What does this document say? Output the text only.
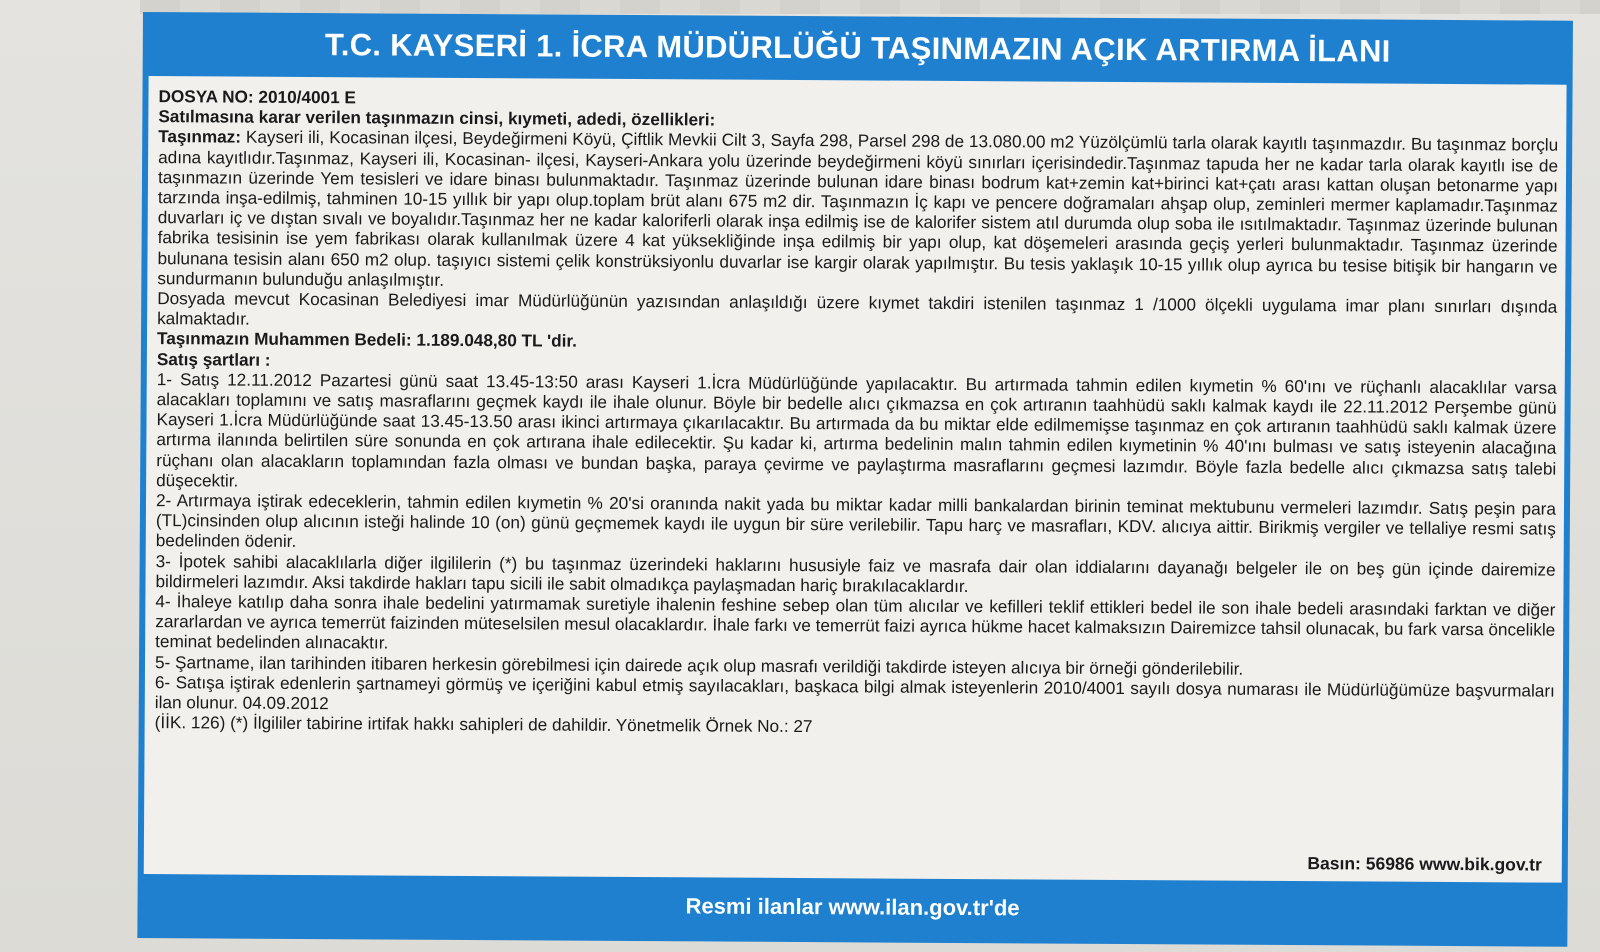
T.C. KAYSERİ 1. İCRA MÜDÜRLÜĞÜ TAŞINMAZIN AÇIK ARTIRMA İLANI

DOSYA NO: 2010/4001 E

Satılmasına karar verilen taşınmazın cinsi, kıymeti, adedi, özellikleri:

Taşınmaz: Kayseri ili, Kocasinan ilçesi, Beydeğirmeni Köyü, Çiftlik Mevkii Cilt 3, Sayfa 298, Parsel 298 de 13.080.00 m2 Yüzölçümlü tarla olarak kayıtlı taşınmazdır. Bu taşınmaz borçlu adına kayıtlıdır.Taşınmaz, Kayseri ili, Kocasinan- ilçesi, Kayseri-Ankara yolu üzerinde beydeğirmeni köyü sınırları içerisindedir.Taşınmaz tapuda her ne kadar tarla olarak kayıtlı ise de taşınmazın üzerinde Yem tesisleri ve idare binası bulunmaktadır. Taşınmaz üzerinde bulunan idare binası bodrum kat+zemin kat+birinci kat+çatı arası kattan oluşan betonarme yapı tarzında inşa-edilmiş, tahminen 10-15 yıllık bir yapı olup.toplam brüt alanı 675 m2 dir. Taşınmazın İç kapı ve pencere doğramaları ahşap olup, zeminleri mermer kaplamadır.Taşınmaz duvarları iç ve dıştan sıvalı ve boyalıdır.Taşınmaz her ne kadar kaloriferli olarak inşa edilmiş ise de kalorifer sistem atıl durumda olup soba ile ısıtılmaktadır. Taşınmaz üzerinde bulunan fabrika tesisinin ise yem fabrikası olarak kullanılmak üzere 4 kat yüksekliğinde inşa edilmiş bir yapı olup, kat döşemeleri arasında geçiş yerleri bulunmaktadır. Taşınmaz üzerinde bulunana tesisin alanı 650 m2 olup. taşıyıcı sistemi çelik konstrüksiyonlu duvarlar ise kargir olarak yapılmıştır. Bu tesis yaklaşık 10-15 yıllık olup ayrıca bu tesise bitişik bir hangarın ve sundurmanın bulunduğu anlaşılmıştır.

Dosyada mevcut Kocasinan Belediyesi imar Müdürlüğünün yazısından anlaşıldığı üzere kıymet takdiri istenilen taşınmaz 1 /1000 ölçekli uygulama imar planı sınırları dışında kalmaktadır.

Taşınmazın Muhammen Bedeli: 1.189.048,80 TL 'dir.

Satış şartları :

1- Satış 12.11.2012 Pazartesi günü saat 13.45-13:50 arası Kayseri 1.İcra Müdürlüğünde yapılacaktır. Bu artırmada tahmin edilen kıymetin % 60'ını ve rüçhanlı alacaklılar varsa alacakları toplamını ve satış masraflarını geçmek kaydı ile ihale olunur. Böyle bir bedelle alıcı çıkmazsa en çok artıranın taahhüdü saklı kalmak kaydı ile 22.11.2012 Perşembe günü Kayseri 1.İcra Müdürlüğünde saat 13.45-13.50 arası ikinci artırmaya çıkarılacaktır. Bu artırmada da bu miktar elde edilmemişse taşınmaz en çok artıranın taahhüdü saklı kalmak üzere artırma ilanında belirtilen süre sonunda en çok artırana ihale edilecektir. Şu kadar ki, artırma bedelinin malın tahmin edilen kıymetinin % 40'ını bulması ve satış isteyenin alacağına rüçhanı olan alacakların toplamından fazla olması ve bundan başka, paraya çevirme ve paylaştırma masraflarını geçmesi lazımdır. Böyle fazla bedelle alıcı çıkmazsa satış talebi düşecektir.

2- Artırmaya iştirak edeceklerin, tahmin edilen kıymetin % 20'si oranında nakit yada bu miktar kadar milli bankalardan birinin teminat mektubunu vermeleri lazımdır. Satış peşin para (TL)cinsinden olup alıcının isteği halinde 10 (on) günü geçmemek kaydı ile uygun bir süre verilebilir. Tapu harç ve masrafları, KDV. alıcıya aittir. Birikmiş vergiler ve tellaliye resmi satış bedelinden ödenir.

3- İpotek sahibi alacaklılarla diğer ilgililerin (*) bu taşınmaz üzerindeki haklarını hususiyle faiz ve masrafa dair olan iddialarını dayanağı belgeler ile on beş gün içinde dairemize bildirmeleri lazımdır. Aksi takdirde hakları tapu sicili ile sabit olmadıkça paylaşmadan hariç bırakılacaklardır.

4- İhaleye katılıp daha sonra ihale bedelini yatırmamak suretiyle ihalenin feshine sebep olan tüm alıcılar ve kefilleri teklif ettikleri bedel ile son ihale bedeli arasındaki farktan ve diğer zararlardan ve ayrıca temerrüt faizinden müteselsilen mesul olacaklardır. İhale farkı ve temerrüt faizi ayrıca hükme hacet kalmaksızın Dairemizce tahsil olunacak, bu fark varsa öncelikle teminat bedelinden alınacaktır.

5- Şartname, ilan tarihinden itibaren herkesin görebilmesi için dairede açık olup masrafı verildiği takdirde isteyen alıcıya bir örneği gönderilebilir.

6- Satışa iştirak edenlerin şartnameyi görmüş ve içeriğini kabul etmiş sayılacakları, başkaca bilgi almak isteyenlerin 2010/4001 sayılı dosya numarası ile Müdürlüğümüze başvurmaları ilan olunur. 04.09.2012

(İİK. 126) (*) İlgililer tabirine irtifak hakkı sahipleri de dahildir. Yönetmelik Örnek No.: 27

Basın: 56986 www.bik.gov.tr
Resmi ilanlar www.ilan.gov.tr'de
